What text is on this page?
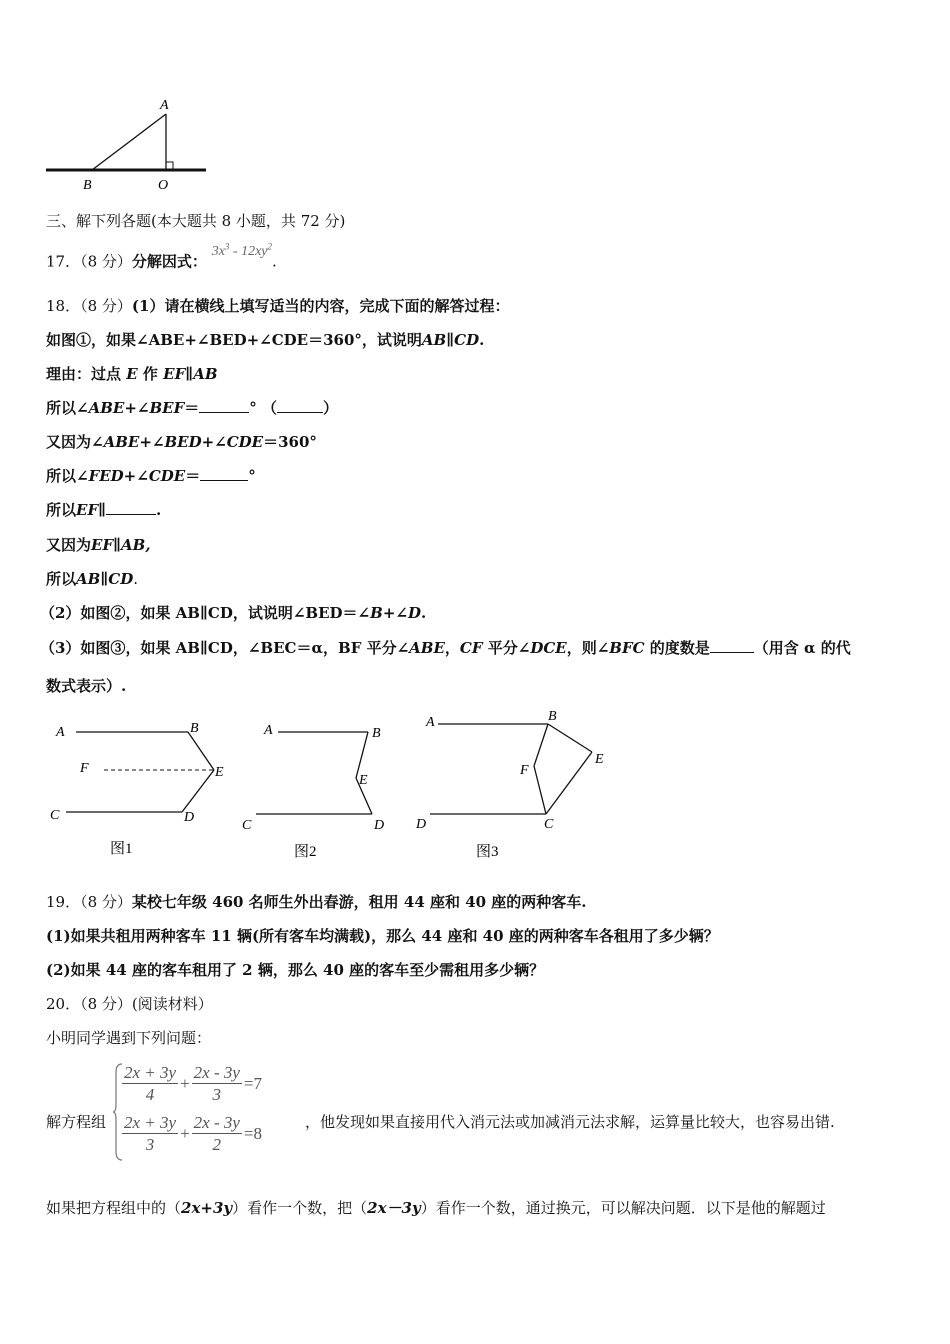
A
B	O
三、解下列各题(本大题共 8 小题，共 72 分)
17．（8 分）分解因式： $3x^3 - 12xy^2$.
18．（8 分）(1）请在横线上填写适当的内容，完成下面的解答过程：
如图①，如果∠ABE+∠BED+∠CDE＝360°，试说明AB∥CD.
理由：过点 E 作 EF∥AB
所以∠ABE+∠BEF＝	° （	）
又因为∠ABE+∠BED+∠CDE＝360°
所以∠FED+∠CDE＝	°
所以EF∥	.
又因为EF∥AB,
所以AB∥CD.
（2）如图②，如果 AB∥CD，试说明∠BED＝∠B+∠D.
（3）如图③，如果 AB∥CD，∠BEC＝α，BF 平分∠ABE，CF 平分∠DCE，则∠BFC 的度数是	（用含 α 的代
数式表示）.
A	B
F	E
C	D
图1
A	B
E
C	D
图2
A	B
F
E
D	C
图3
19．（8 分）某校七年级 460 名师生外出春游，租用 44 座和 40 座的两种客车.
(1)如果共租用两种客车 11 辆(所有客车均满载)，那么 44 座和 40 座的两种客车各租用了多少辆？
(2)如果 44 座的客车租用了 2 辆，那么 40 座的客车至少需租用多少辆？
20．（8 分）(阅读材料）
小明同学遇到下列问题：
解方程组
$\frac{2x + 3y}{4} + \frac{2x - 3y}{3} =7$
$\frac{2x + 3y}{3} + \frac{2x - 3y}{2} =8$
，他发现如果直接用代入消元法或加减消元法求解，运算量比较大，也容易出错.
如果把方程组中的（2x+3y）看作一个数，把（2x－3y）看作一个数，通过换元，可以解决问题．以下是他的解题过
